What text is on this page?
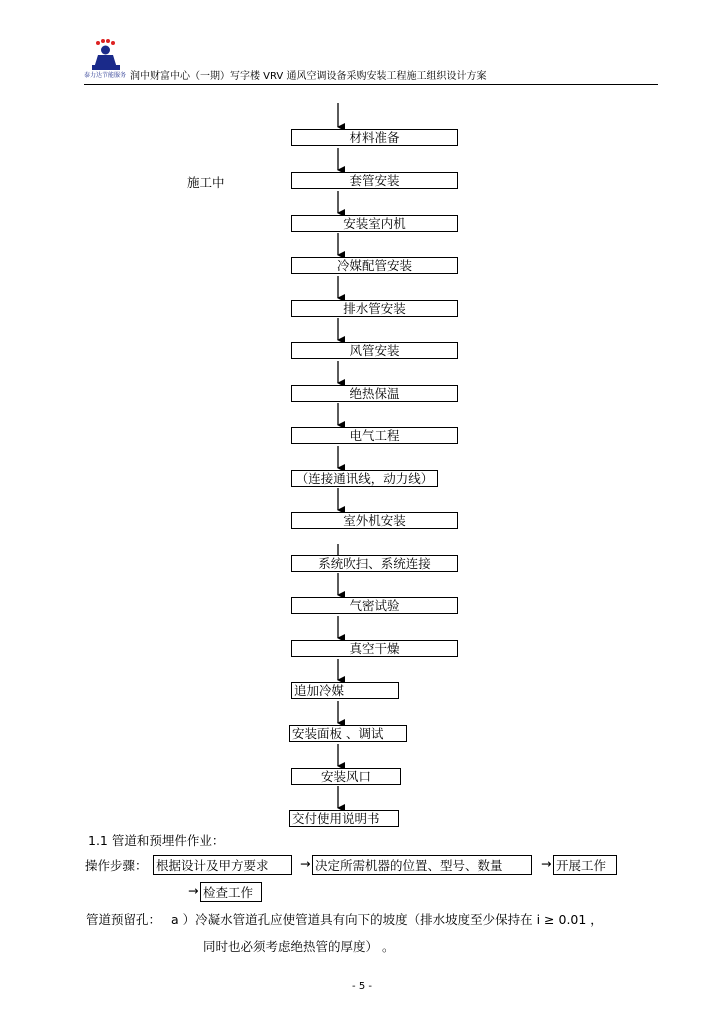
泰力达节能服务 润中财富中心（一期）写字楼 VRV 通风空调设备采购安装工程施工组织设计方案
施工中
材料准备
套管安装
安装室内机
冷媒配管安装
排水管安装
风管安装
绝热保温
电气工程
（连接通讯线，动力线）
室外机安装
系统吹扫、系统连接
气密试验
真空干燥
追加冷媒
安装面板 、调试
安装风口
交付使用说明书
1.1 管道和预埋件作业：
操作步骤： 根据设计及甲方要求	→ 决定所需机器的位置、型号、数量	→ 开展工作
→ 检查工作
管道预留孔： a ）冷凝水管道孔应使管道具有向下的坡度（排水坡度至少保持在 i ≥ 0.01 ，
同时也必须考虑绝热管的厚度） 。
- 5 -
